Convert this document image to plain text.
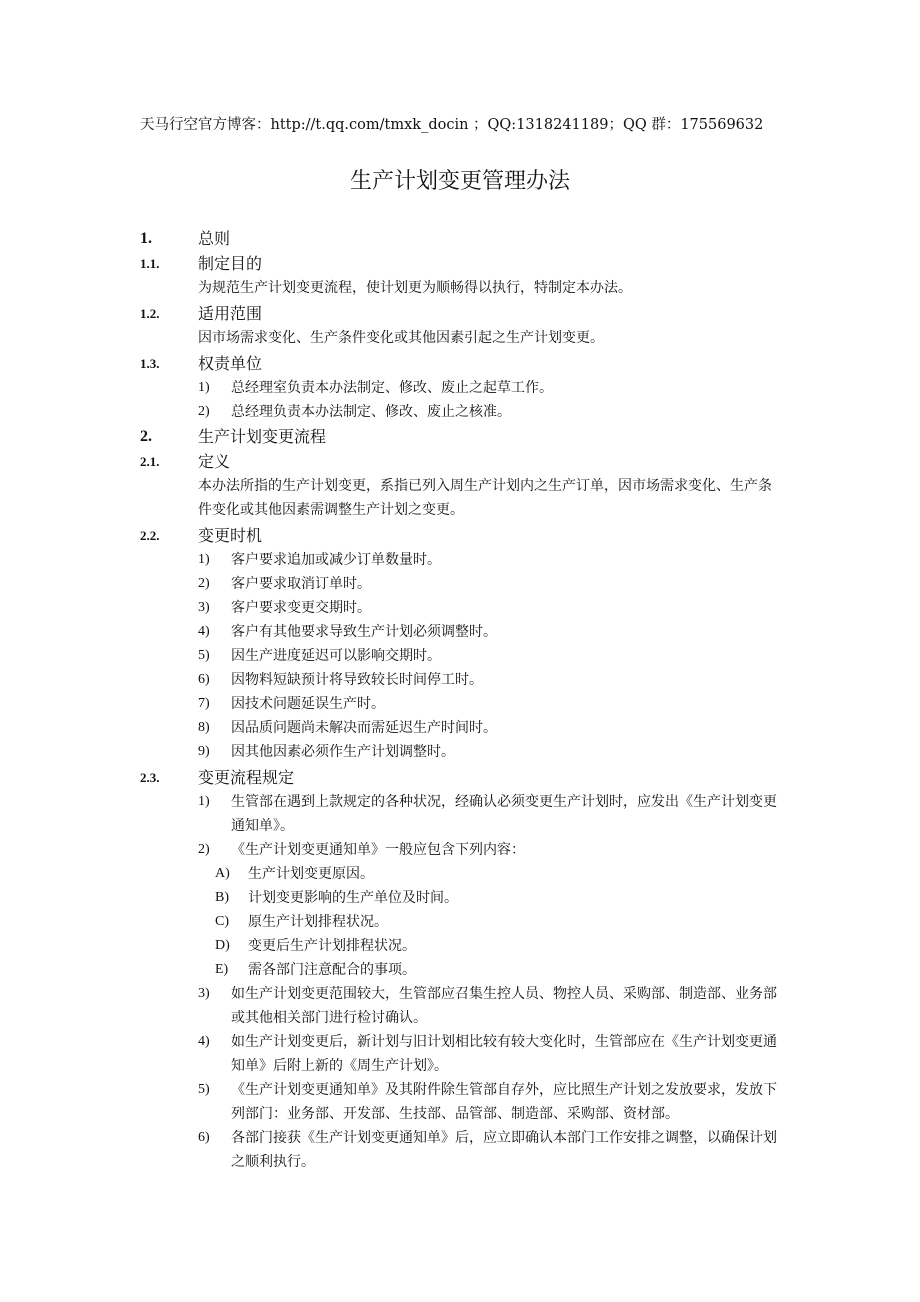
天马行空官方博客：http://t.qq.com/tmxk_docin ；QQ:1318241189；QQ 群：175569632
生产计划变更管理办法
1.	总则
1.1.	制定目的
为规范生产计划变更流程，使计划更为顺畅得以执行，特制定本办法。
1.2.	适用范围
因市场需求变化、生产条件变化或其他因素引起之生产计划变更。
1.3.	权责单位
1)	总经理室负责本办法制定、修改、废止之起草工作。
2)	总经理负责本办法制定、修改、废止之核准。
2.	生产计划变更流程
2.1.	定义
本办法所指的生产计划变更，系指已列入周生产计划内之生产订单，因市场需求变化、生产条件变化或其他因素需调整生产计划之变更。
2.2.	变更时机
1)	客户要求追加或减少订单数量时。
2)	客户要求取消订单时。
3)	客户要求变更交期时。
4)	客户有其他要求导致生产计划必须调整时。
5)	因生产进度延迟可以影响交期时。
6)	因物料短缺预计将导致较长时间停工时。
7)	因技术问题延误生产时。
8)	因品质问题尚未解决而需延迟生产时间时。
9)	因其他因素必须作生产计划调整时。
2.3.	变更流程规定
1)	生管部在遇到上款规定的各种状况，经确认必须变更生产计划时，应发出《生产计划变更通知单》。
2)	《生产计划变更通知单》一般应包含下列内容：
A)	生产计划变更原因。
B)	计划变更影响的生产单位及时间。
C)	原生产计划排程状况。
D)	变更后生产计划排程状况。
E)	需各部门注意配合的事项。
3)	如生产计划变更范围较大，生管部应召集生控人员、物控人员、采购部、制造部、业务部或其他相关部门进行检讨确认。
4)	如生产计划变更后，新计划与旧计划相比较有较大变化时，生管部应在《生产计划变更通知单》后附上新的《周生产计划》。
5)	《生产计划变更通知单》及其附件除生管部自存外，应比照生产计划之发放要求，发放下列部门：业务部、开发部、生技部、品管部、制造部、采购部、资材部。
6)	各部门接获《生产计划变更通知单》后，应立即确认本部门工作安排之调整，以确保计划之顺利执行。
